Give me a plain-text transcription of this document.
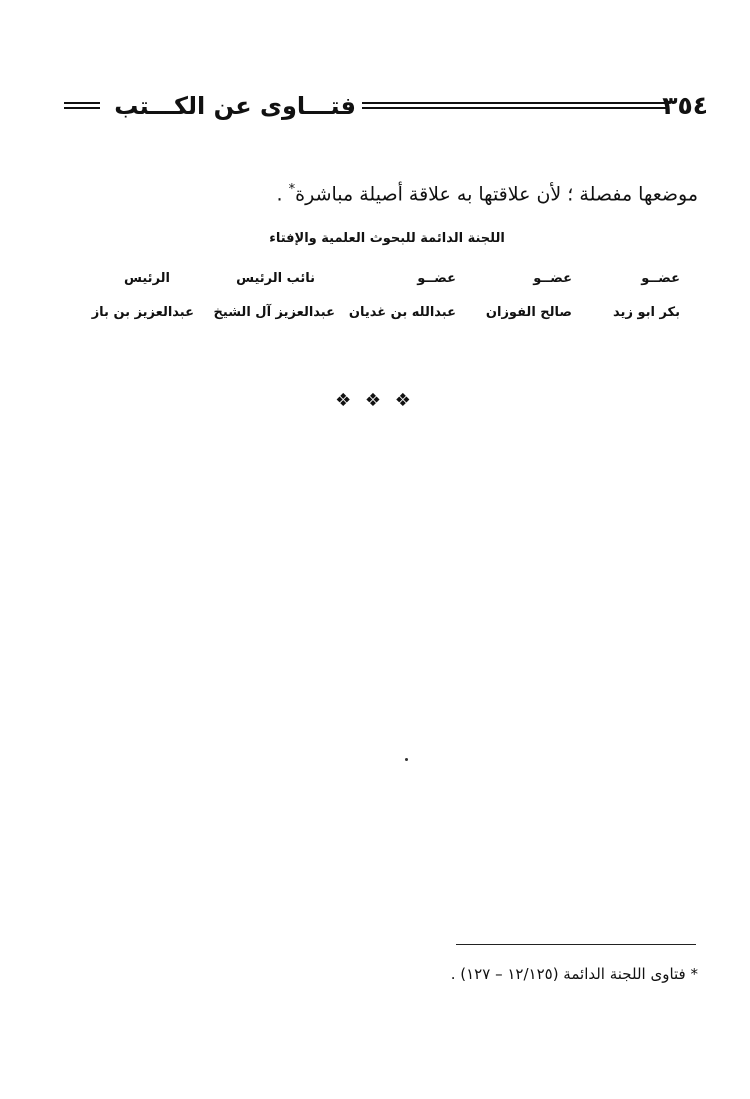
فتـــاوى عن الكـــتب	٣٥٤
موضعها مفصلة ؛ لأن علاقتها به علاقة أصيلة مباشرة* .
اللجنة الدائمة للبحوث العلمية والإفتاء
عضــو
بكر ابو زيد
عضــو
صالح الفوزان
عضــو
عبدالله بن غديان
نائب الرئيس
عبدالعزيز آل الشيخ
الرئيس
عبدالعزيز بن باز
❖ ❖ ❖
* فتاوى اللجنة الدائمة (١٢/١٢٥ – ١٢٧) .
